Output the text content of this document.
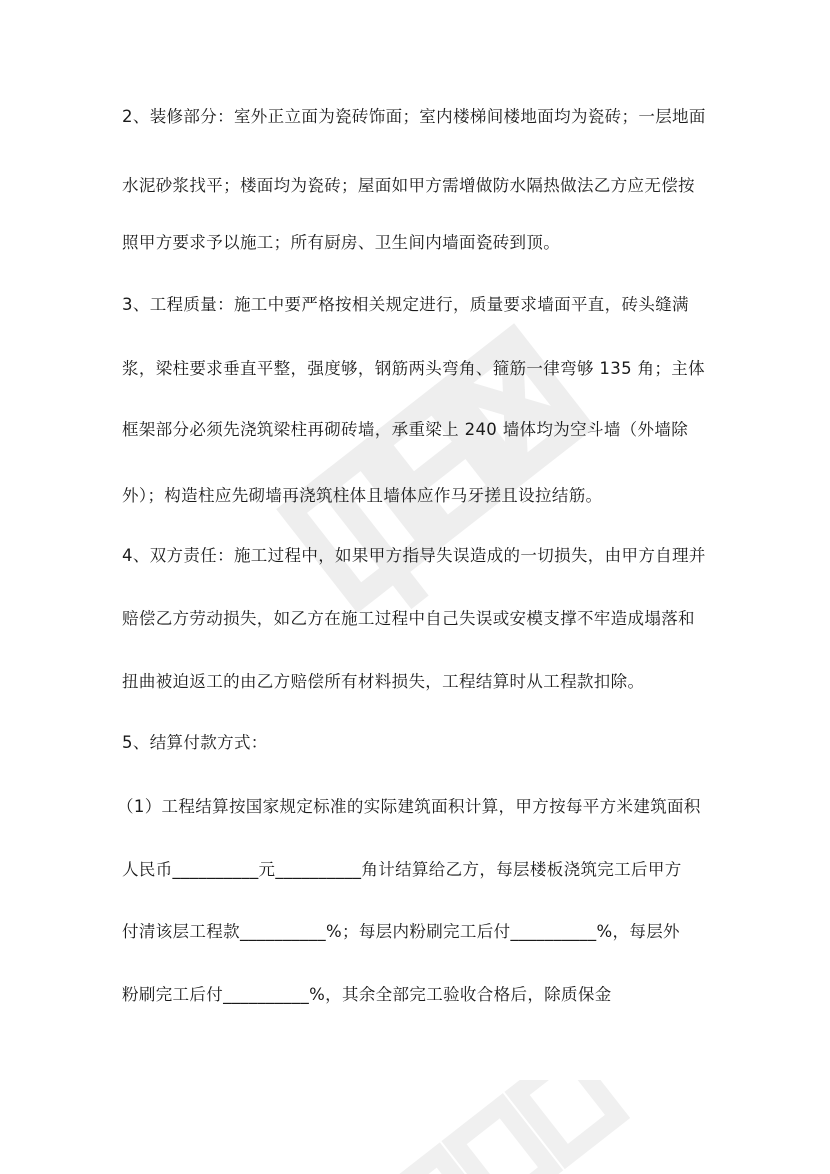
2、装修部分：室外正立面为瓷砖饰面；室内楼梯间楼地面均为瓷砖；一层地面
水泥砂浆找平；楼面均为瓷砖；屋面如甲方需增做防水隔热做法乙方应无偿按
照甲方要求予以施工；所有厨房、卫生间内墙面瓷砖到顶。
3、工程质量：施工中要严格按相关规定进行，质量要求墙面平直，砖头缝满
浆，梁柱要求垂直平整，强度够，钢筋两头弯角、箍筋一律弯够 135 角；主体
框架部分必须先浇筑梁柱再砌砖墙，承重梁上 240 墙体均为空斗墙（外墙除
外）；构造柱应先砌墙再浇筑柱体且墙体应作马牙搓且设拉结筋。
4、双方责任：施工过程中，如果甲方指导失误造成的一切损失，由甲方自理并
赔偿乙方劳动损失，如乙方在施工过程中自己失误或安模支撑不牢造成塌落和
扭曲被迫返工的由乙方赔偿所有材料损失，工程结算时从工程款扣除。
5、结算付款方式：
（1）工程结算按国家规定标准的实际建筑面积计算，甲方按每平方米建筑面积
人民币__________元__________角计结算给乙方，每层楼板浇筑完工后甲方
付清该层工程款__________%；每层内粉刷完工后付__________%，每层外
粉刷完工后付__________%，其余全部完工验收合格后，除质保金
